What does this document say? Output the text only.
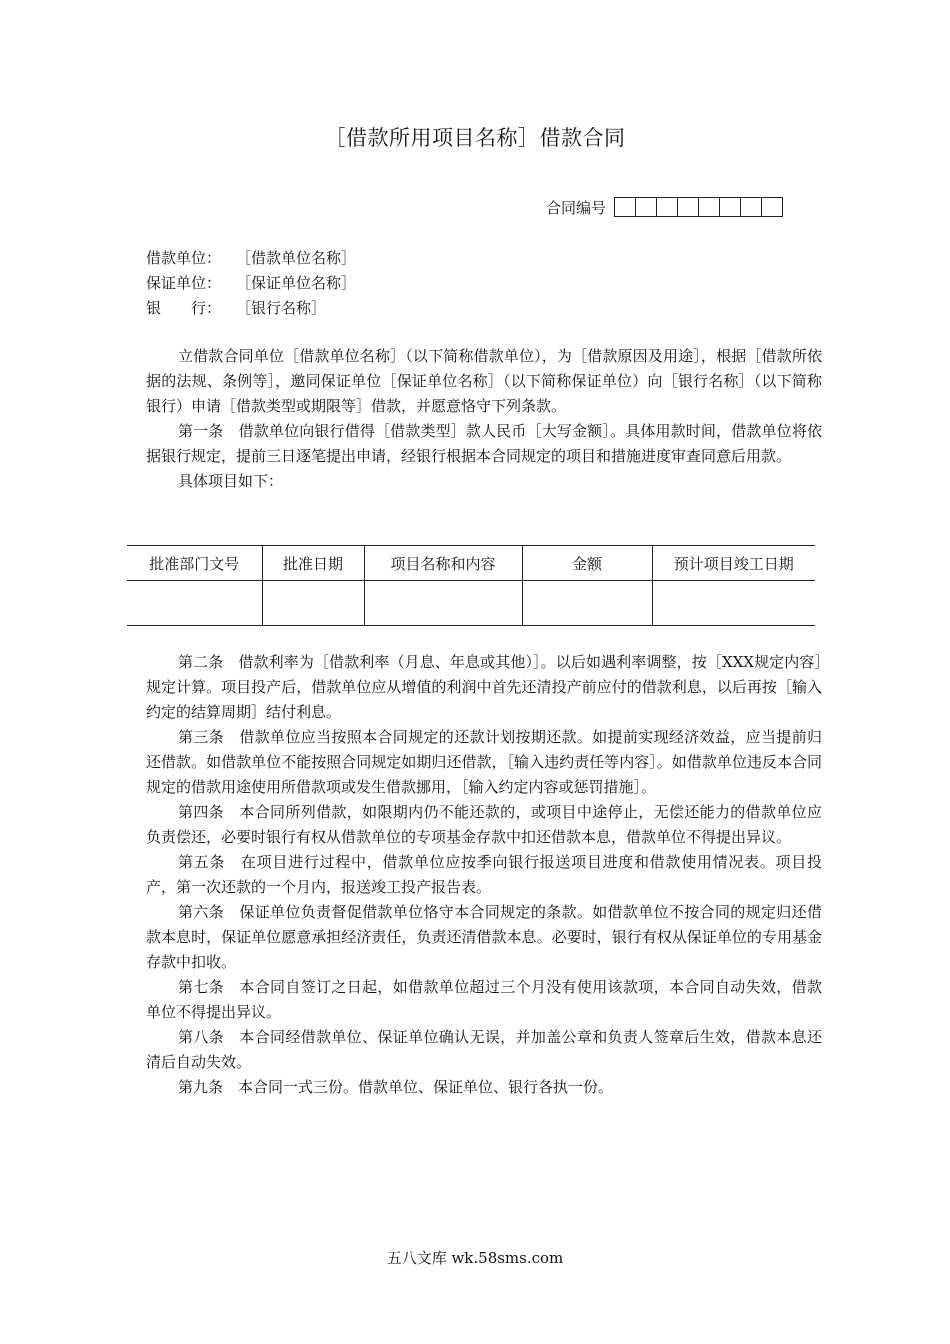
［借款所用项目名称］借款合同
合同编号
借款单位： ［借款单位名称］
保证单位： ［保证单位名称］
银　　行： ［银行名称］

立借款合同单位［借款单位名称］（以下简称借款单位），为［借款原因及用途］，根据［借款所依据的法规、条例等］，邀同保证单位［保证单位名称］（以下简称保证单位）向［银行名称］（以下简称银行）申请［借款类型或期限等］借款，并愿意恪守下列条款。

第一条　借款单位向银行借得［借款类型］款人民币［大写金额］。具体用款时间，借款单位将依据银行规定，提前三日逐笔提出申请，经银行根据本合同规定的项目和措施进度审查同意后用款。

具体项目如下：

批准部门文号	批准日期	项目名称和内容	金额	预计项目竣工日期

第二条　借款利率为［借款利率（月息、年息或其他）］。以后如遇利率调整，按［XXX规定内容］规定计算。项目投产后，借款单位应从增值的利润中首先还清投产前应付的借款利息，以后再按［输入约定的结算周期］结付利息。

第三条　借款单位应当按照本合同规定的还款计划按期还款。如提前实现经济效益，应当提前归还借款。如借款单位不能按照合同规定如期归还借款，［输入违约责任等内容］。如借款单位违反本合同规定的借款用途使用所借款项或发生借款挪用，［输入约定内容或惩罚措施］。

第四条　本合同所列借款，如限期内仍不能还款的，或项目中途停止，无偿还能力的借款单位应负责偿还，必要时银行有权从借款单位的专项基金存款中扣还借款本息，借款单位不得提出异议。

第五条　在项目进行过程中，借款单位应按季向银行报送项目进度和借款使用情况表。项目投产，第一次还款的一个月内，报送竣工投产报告表。

第六条　保证单位负责督促借款单位恪守本合同规定的条款。如借款单位不按合同的规定归还借款本息时，保证单位愿意承担经济责任，负责还清借款本息。必要时，银行有权从保证单位的专用基金存款中扣收。

第七条　本合同自签订之日起，如借款单位超过三个月没有使用该款项，本合同自动失效，借款单位不得提出异议。

第八条　本合同经借款单位、保证单位确认无误，并加盖公章和负责人签章后生效，借款本息还清后自动失效。

第九条　本合同一式三份。借款单位、保证单位、银行各执一份。

五八文库 wk.58sms.com
